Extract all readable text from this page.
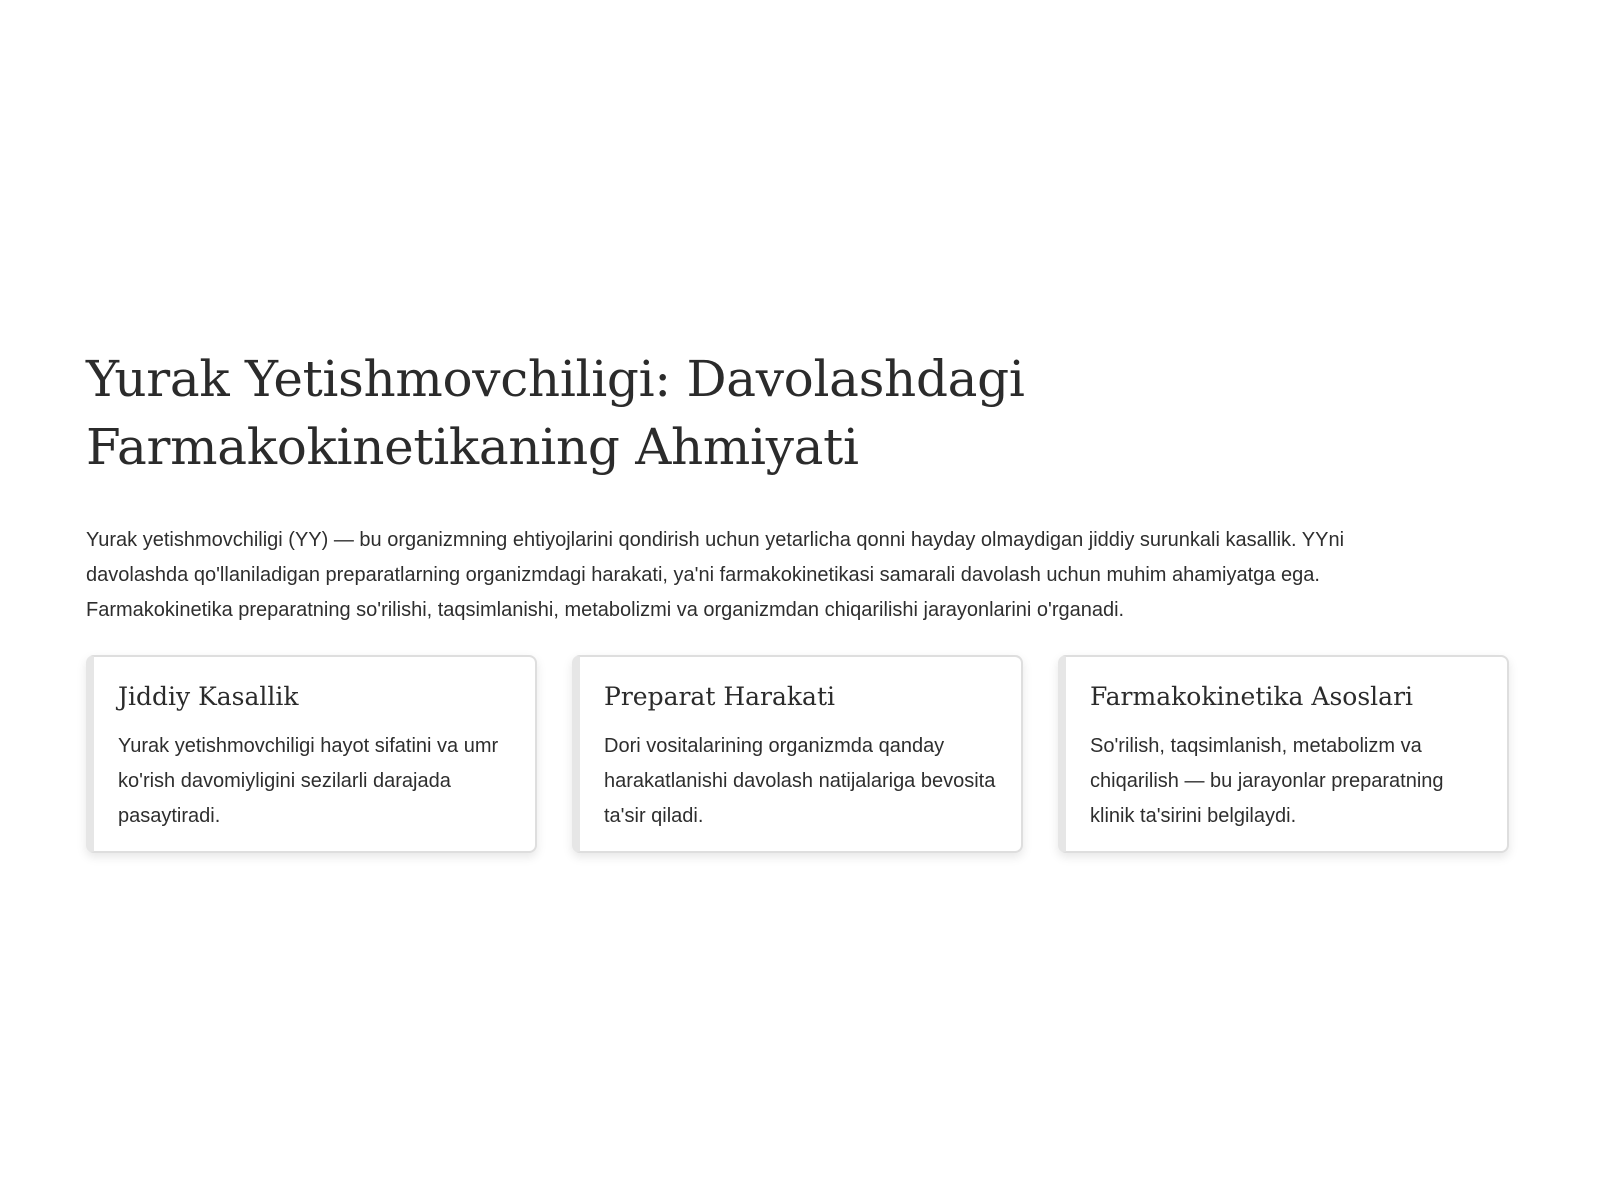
Yurak Yetishmovchiligi: Davolashdagi Farmakokinetikaning Ahmiyati

Yurak yetishmovchiligi (YY) — bu organizmning ehtiyojlarini qondirish uchun yetarlicha qonni hayday olmaydigan jiddiy surunkali kasallik. YYni davolashda qo'llaniladigan preparatlarning organizmdagi harakati, ya'ni farmakokinetikasi samarali davolash uchun muhim ahamiyatga ega. Farmakokinetika preparatning so'rilishi, taqsimlanishi, metabolizmi va organizmdan chiqarilishi jarayonlarini o'rganadi.

Jiddiy Kasallik

Yurak yetishmovchiligi hayot sifatini va umr ko'rish davomiyligini sezilarli darajada pasaytiradi.

Preparat Harakati

Dori vositalarining organizmda qanday harakatlanishi davolash natijalariga bevosita ta'sir qiladi.

Farmakokinetika Asoslari

So'rilish, taqsimlanish, metabolizm va chiqarilish — bu jarayonlar preparatning klinik ta'sirini belgilaydi.
